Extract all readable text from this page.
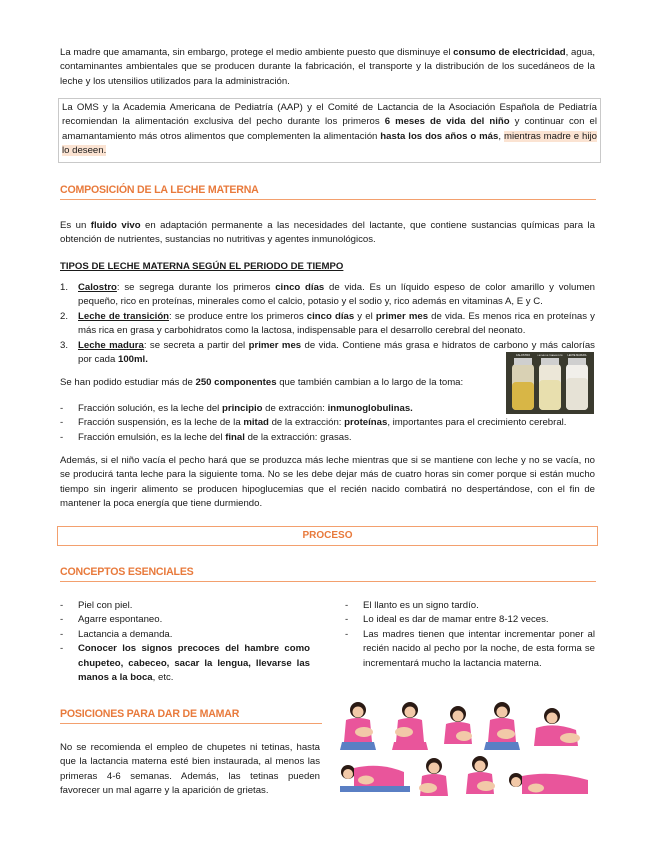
La madre que amamanta, sin embargo, protege el medio ambiente puesto que disminuye el consumo de electricidad, agua, contaminantes ambientales que se producen durante la fabricación, el transporte y la distribución de los sucedáneos de la leche y los utensilios utilizados para la administración.

La OMS y la Academia Americana de Pediatría (AAP) y el Comité de Lactancia de la Asociación Española de Pediatría recomiendan la alimentación exclusiva del pecho durante los primeros 6 meses de vida del niño y continuar con el amamantamiento más otros alimentos que complementen la alimentación hasta los dos años o más, mientras madre e hijo lo deseen.
COMPOSICIÓN DE LA LECHE MATERNA

Es un fluido vivo en adaptación permanente a las necesidades del lactante, que contiene sustancias químicas para la obtención de nutrientes, sustancias no nutritivas y agentes inmunológicos.

TIPOS DE LECHE MATERNA SEGÚN EL PERIODO DE TIEMPO
1. Calostro: se segrega durante los primeros cinco días de vida. Es un líquido espeso de color amarillo y volumen pequeño, rico en proteínas, minerales como el calcio, potasio y el sodio y, rico además en vitaminas A, E y C.
2. Leche de transición: se produce entre los primeros cinco días y el primer mes de vida. Es menos rica en proteínas y más rica en grasa y carbohidratos como la lactosa, indispensable para el desarrollo cerebral del neonato.
3. Leche madura: se secreta a partir del primer mes de vida. Contiene más grasa e hidratos de carbono y más calorías por cada 100ml.

Se han podido estudiar más de 250 componentes que también cambian a lo largo de la toma:

CALOSTRO	LECHE DE TRANSICIÓN LECHE MADURA
- Fracción solución, es la leche del principio de extracción: inmunoglobulinas.
- Fracción suspensión, es la leche de la mitad de la extracción: proteínas, importantes para el crecimiento cerebral.
- Fracción emulsión, es la leche del final de la extracción: grasas.

Además, si el niño vacía el pecho hará que se produzca más leche mientras que si se mantiene con leche y no se vacía, no se producirá tanta leche para la siguiente toma. No se les debe dejar más de cuatro horas sin comer porque si están mucho tiempo sin ingerir alimento se producen hipoglucemias que el recién nacido combatirá no despertándose, con el fin de mantener la poca energía que tiene durmiendo.

PROCESO
CONCEPTOS ESENCIALES
- Piel con piel.
- Agarre espontaneo.
- Lactancia a demanda.
- Conocer los signos precoces del hambre como chupeteo, cabeceo, sacar la lengua, llevarse las manos a la boca, etc.
- El llanto es un signo tardío.
- Lo ideal es dar de mamar entre 8-12 veces.
- Las madres tienen que intentar incrementar poner al recién nacido al pecho por la noche, de esta forma se incrementará mucho la lactancia materna.
POSICIONES PARA DAR DE MAMAR

No se recomienda el empleo de chupetes ni tetinas, hasta que la lactancia materna esté bien instaurada, al menos las primeras 4-6 semanas. Además, las tetinas pueden favorecer un mal agarre y la aparición de grietas.
